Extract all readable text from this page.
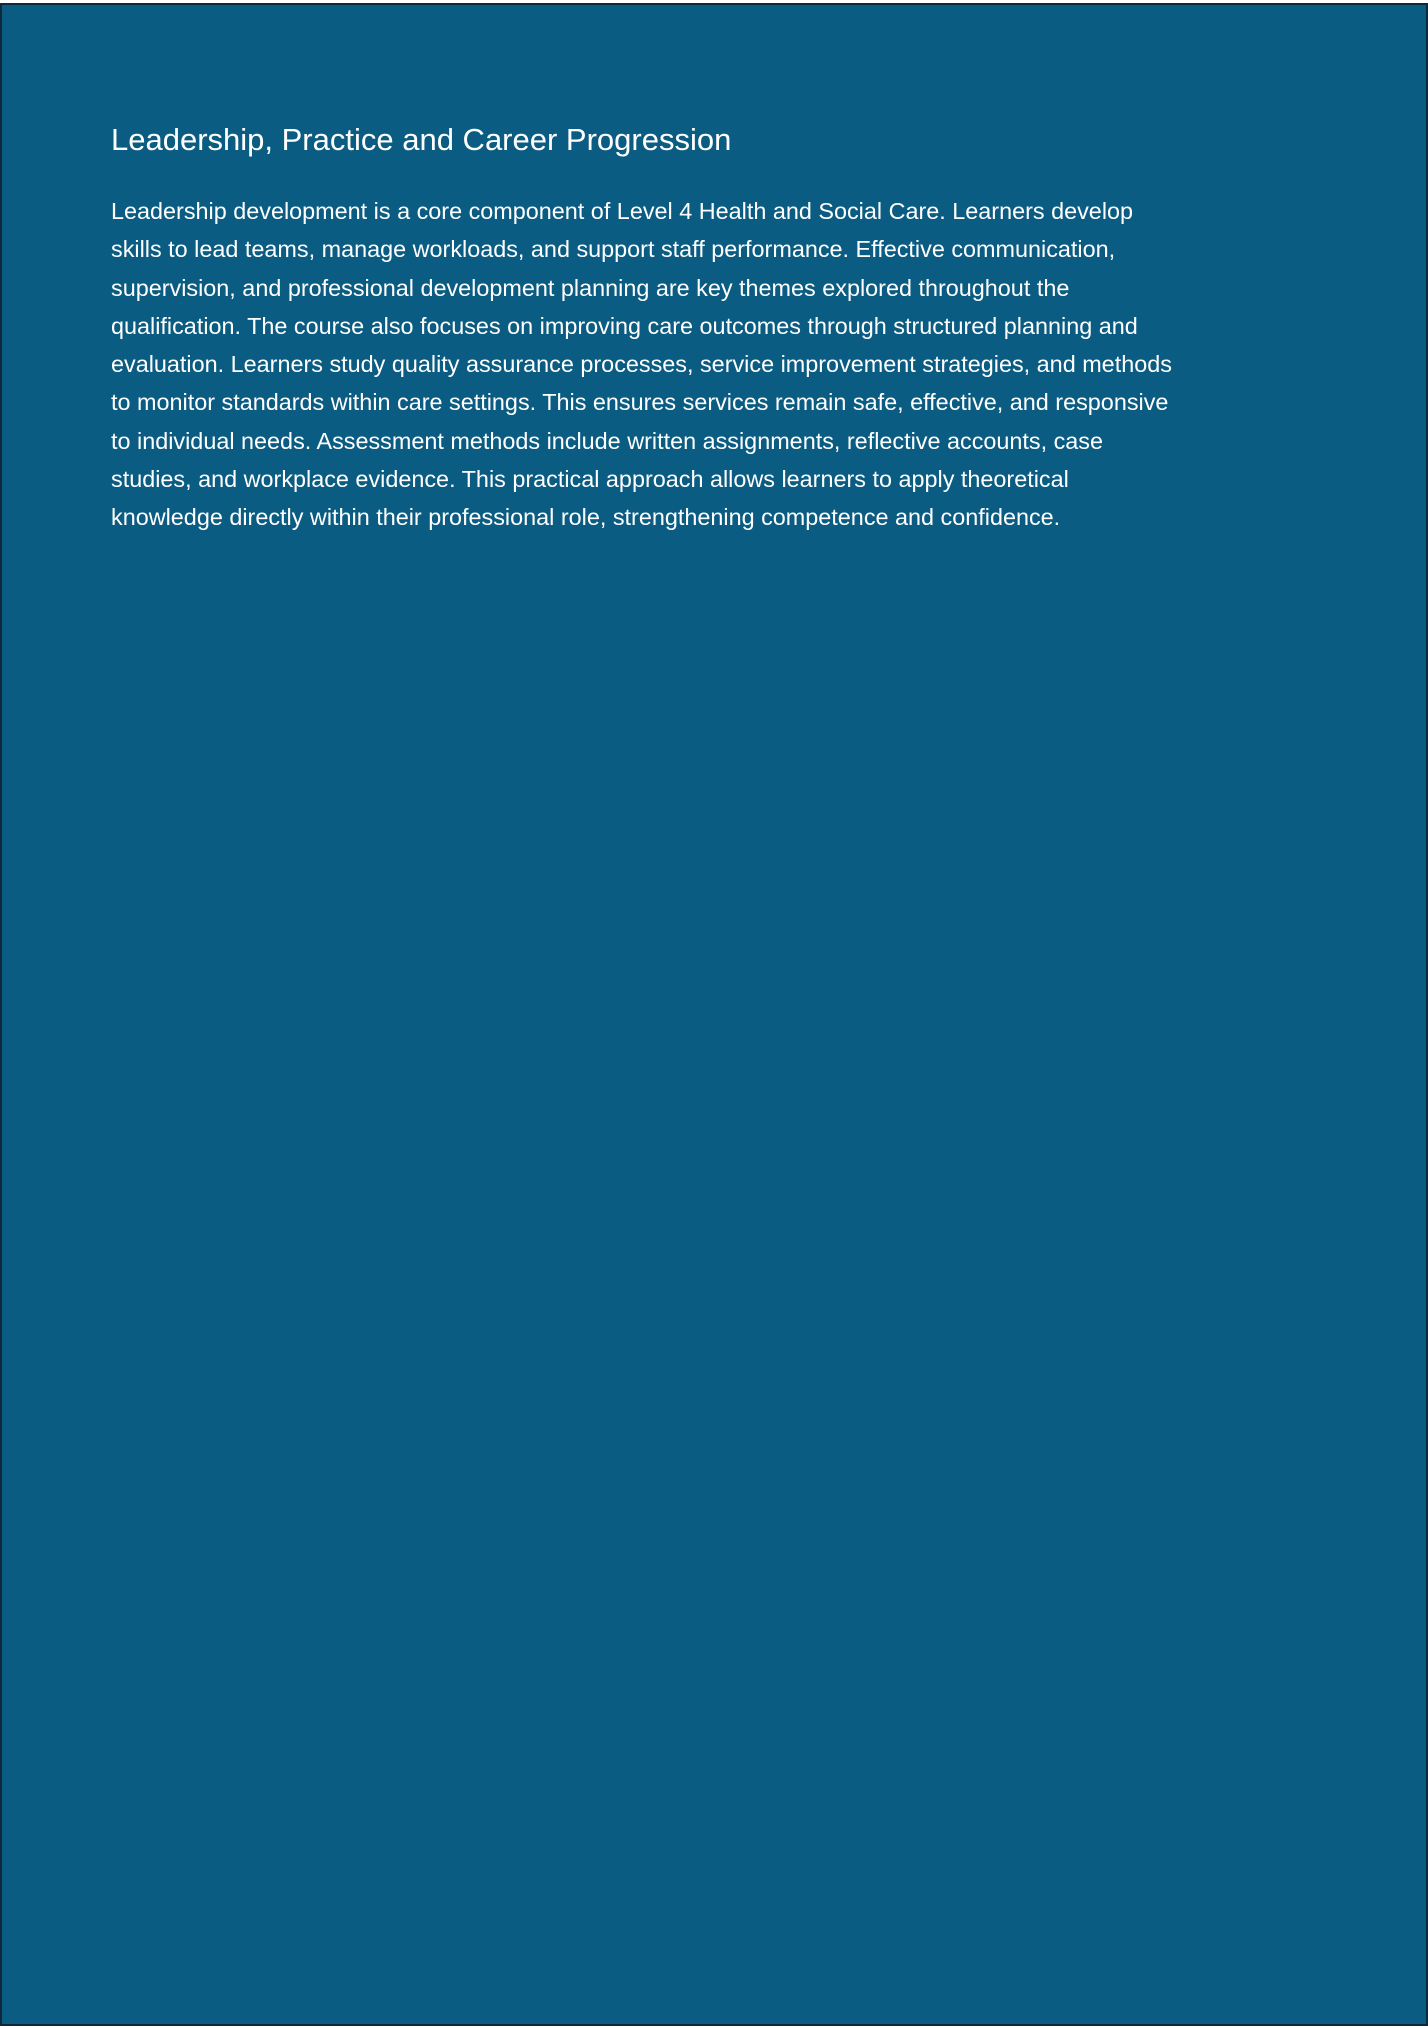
Leadership, Practice and Career Progression

Leadership development is a core component of Level 4 Health and Social Care. Learners develop
skills to lead teams, manage workloads, and support staff performance. Effective communication,
supervision, and professional development planning are key themes explored throughout the
qualification. The course also focuses on improving care outcomes through structured planning and
evaluation. Learners study quality assurance processes, service improvement strategies, and methods
to monitor standards within care settings. This ensures services remain safe, effective, and responsive
to individual needs. Assessment methods include written assignments, reflective accounts, case
studies, and workplace evidence. This practical approach allows learners to apply theoretical
knowledge directly within their professional role, strengthening competence and confidence.
